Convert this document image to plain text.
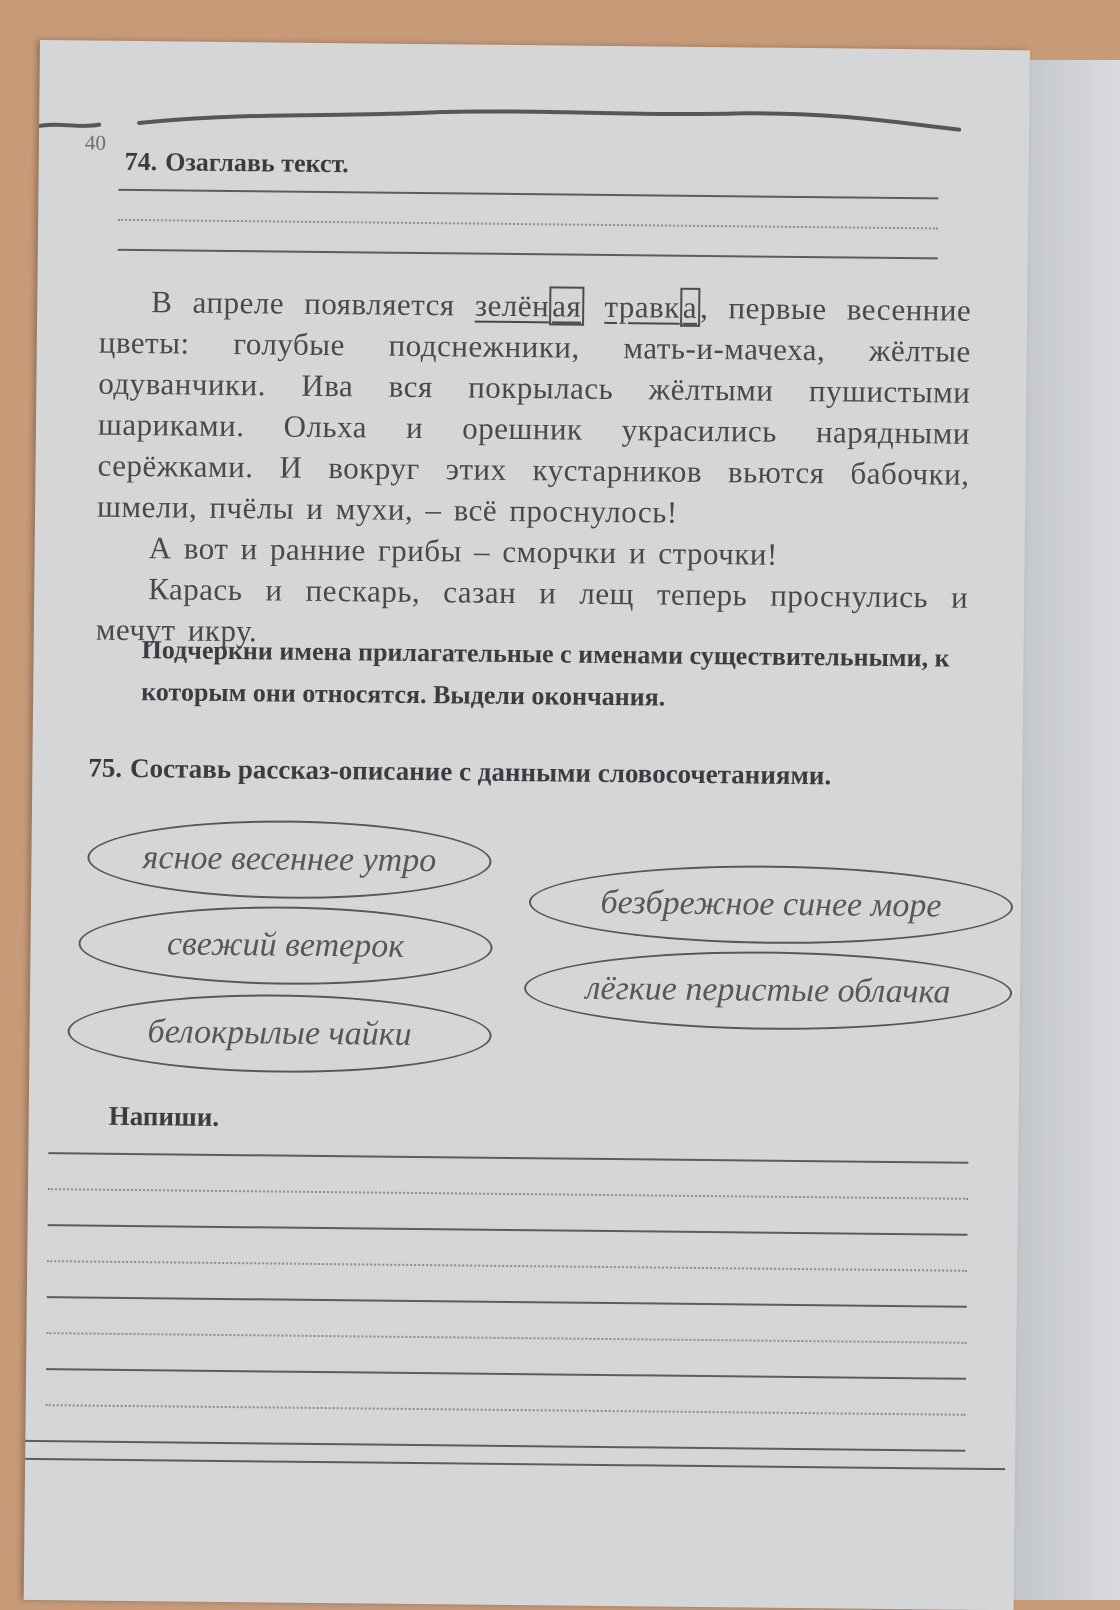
40
74. Озаглавь текст.

В апреле появляется зелёная травка, первые весенние цветы: голубые подснежники, мать-и-мачеха, жёлтые одуванчики. Ива вся покрылась жёлтыми пушистыми шариками. Ольха и орешник украсились нарядными серёжками. И вокруг этих кустарников вьются бабочки, шмели, пчёлы и мухи, – всё проснулось!

А вот и ранние грибы – сморчки и строчки!

Карась и пескарь, сазан и лещ теперь проснулись и мечут икру.

Подчеркни имена прилагательные с именами существительными, к которым они относятся. Выдели окончания.
75. Составь рассказ-описание с данными словосочетаниями.
ясное весеннее утро
безбрежное синее море
свежий ветерок
лёгкие перистые облачка
белокрылые чайки
Напиши.
